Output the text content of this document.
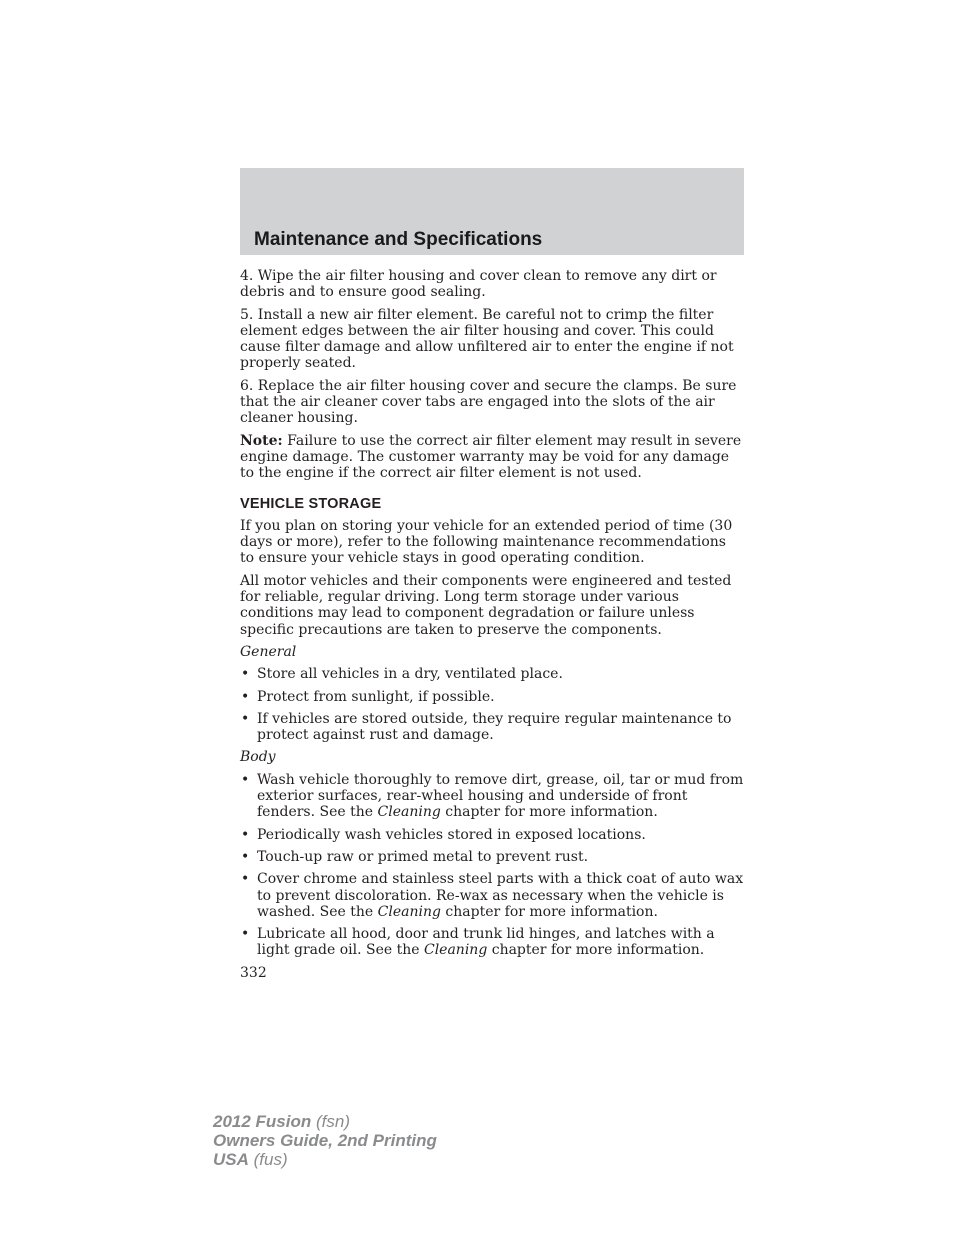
Maintenance and Specifications

4. Wipe the air filter housing and cover clean to remove any dirt or debris and to ensure good sealing.

5. Install a new air filter element. Be careful not to crimp the filter element edges between the air filter housing and cover. This could cause filter damage and allow unfiltered air to enter the engine if not properly seated.

6. Replace the air filter housing cover and secure the clamps. Be sure that the air cleaner cover tabs are engaged into the slots of the air cleaner housing.

Note: Failure to use the correct air filter element may result in severe engine damage. The customer warranty may be void for any damage to the engine if the correct air filter element is not used.

VEHICLE STORAGE

If you plan on storing your vehicle for an extended period of time (30 days or more), refer to the following maintenance recommendations to ensure your vehicle stays in good operating condition.

All motor vehicles and their components were engineered and tested for reliable, regular driving. Long term storage under various conditions may lead to component degradation or failure unless specific precautions are taken to preserve the components.

General
• Store all vehicles in a dry, ventilated place.
• Protect from sunlight, if possible.
• If vehicles are stored outside, they require regular maintenance to protect against rust and damage.
Body
• Wash vehicle thoroughly to remove dirt, grease, oil, tar or mud from exterior surfaces, rear-wheel housing and underside of front fenders. See the Cleaning chapter for more information.
• Periodically wash vehicles stored in exposed locations.
• Touch-up raw or primed metal to prevent rust.
• Cover chrome and stainless steel parts with a thick coat of auto wax to prevent discoloration. Re-wax as necessary when the vehicle is washed. See the Cleaning chapter for more information.
• Lubricate all hood, door and trunk lid hinges, and latches with a light grade oil. See the Cleaning chapter for more information.
332
2012 Fusion (fsn)
Owners Guide, 2nd Printing
USA (fus)
